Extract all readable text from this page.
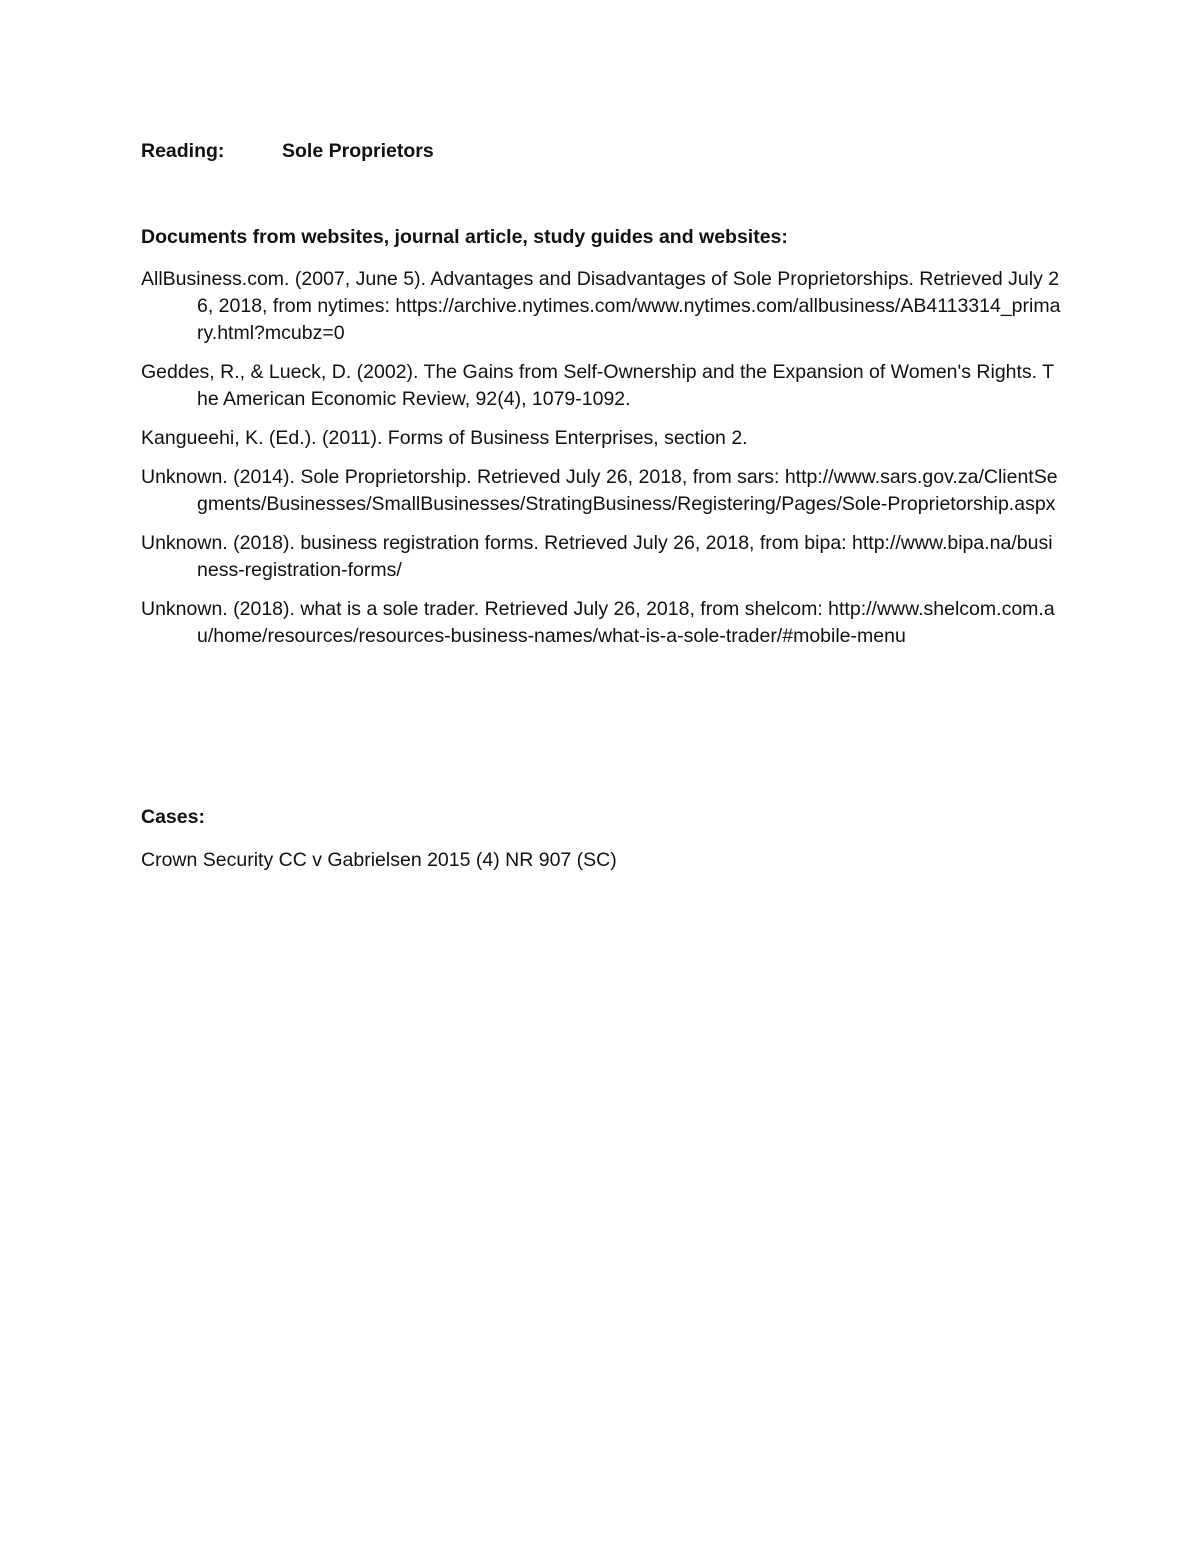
Reading:	Sole Proprietors
Documents from websites, journal article, study guides and websites:
AllBusiness.com. (2007, June 5). Advantages and Disadvantages of Sole Proprietorships. Retrieved July 26, 2018, from nytimes: https://archive.nytimes.com/www.nytimes.com/allbusiness/AB4113314_primary.html?mcubz=0
Geddes, R., & Lueck, D. (2002). The Gains from Self-Ownership and the Expansion of Women's Rights. The American Economic Review, 92(4), 1079-1092.
Kangueehi, K. (Ed.). (2011). Forms of Business Enterprises, section 2.
Unknown. (2014). Sole Proprietorship. Retrieved July 26, 2018, from sars: http://www.sars.gov.za/ClientSegments/Businesses/SmallBusinesses/StratingBusiness/Registering/Pages/Sole-Proprietorship.aspx
Unknown. (2018). business registration forms. Retrieved July 26, 2018, from bipa: http://www.bipa.na/business-registration-forms/
Unknown. (2018). what is a sole trader. Retrieved July 26, 2018, from shelcom: http://www.shelcom.com.au/home/resources/resources-business-names/what-is-a-sole-trader/#mobile-menu
Cases:
Crown Security CC v Gabrielsen 2015 (4) NR 907 (SC)
